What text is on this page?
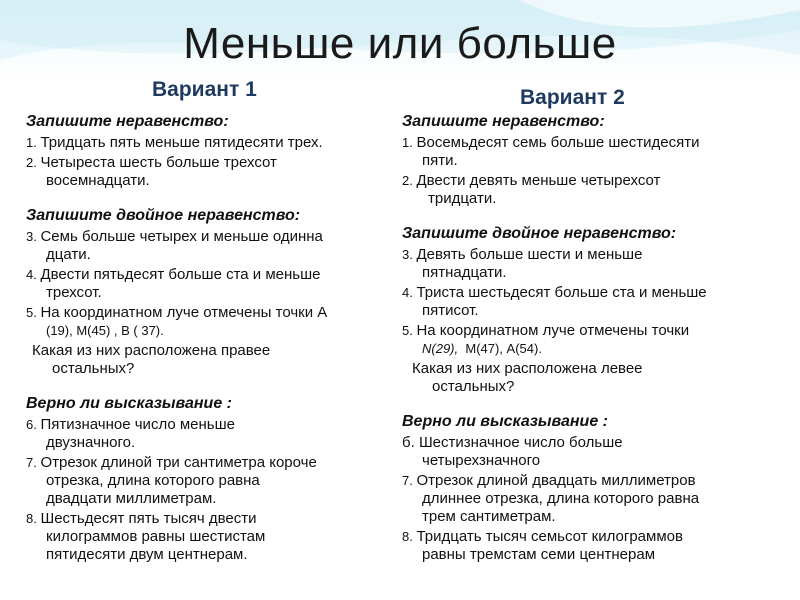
Меньше или больше
Вариант 1	Вариант 2

Запишите неравенство:

1. Тридцать пять меньше пятидесяти трех.
2. Четыреста шесть больше трехсот
восемнадцати.

Запишите двойное неравенство:

3. Семь больше четырех и меньше одинна
дцати.
4. Двести пятьдесят больше ста и меньше
трехсот.
5. На координатном луче отмечены точки А
(19), М(45) , В ( 37).
Какая из них расположена правее
остальных?

Верно ли высказывание :

6. Пятизначное число меньше
двузначного.
7. Отрезок длиной три сантиметра короче
отрезка, длина которого равна
двадцати миллиметрам.
8. Шестьдесят пять тысяч двести
килограммов равны шестистам
пятидесяти двум центнерам.

Запишите неравенство:

1. Восемьдесят семь больше шестидесяти
пяти.
2. Двести девять меньше четырехсот
тридцати.

Запишите двойное неравенство:

3. Девять больше шести и меньше
пятнадцати.
4. Триста шестьдесят больше ста и меньше
пятисот.
5. На координатном луче отмечены точки
N(29), М(47), А(54).
Какая из них расположена левее
остальных?

Верно ли высказывание :

б. Шестизначное число больше
четырехзначного
7. Отрезок длиной двадцать миллиметров
длиннее отрезка, длина которого равна
трем сантиметрам.
8. Тридцать тысяч семьсот килограммов
равны тремстам семи центнерам
